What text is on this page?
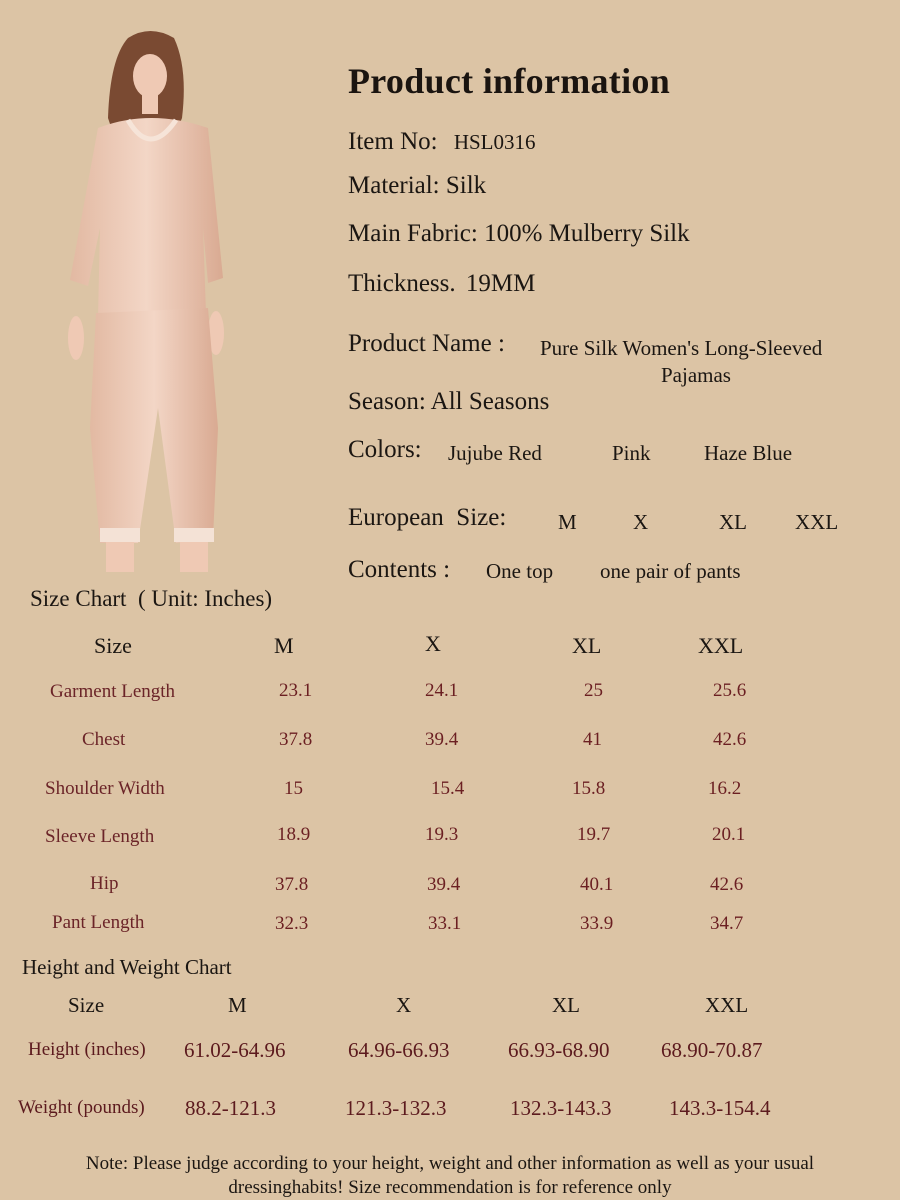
Product information
Item No: HSL0316
Material: Silk
Main Fabric: 100% Mulberry Silk
Thickness. 19MM
Product Name : Pure Silk Women's Long-Sleeved
Pajamas
Season: All Seasons
Colors: Jujube Red	Pink	Haze Blue
European  Size: M	X	XL XXL
Contents : One top one pair of pants
Size Chart  ( Unit: Inches)
Size	M	X	XL	XXL
Garment Length	23.1	24.1	25	25.6
Chest	37.8	39.4	41	42.6
Shoulder Width	15	15.4	15.8	16.2
Sleeve Length	18.9	19.3	19.7	20.1
Hip	37.8	39.4	40.1	42.6
Pant Length	32.3	33.1	33.9	34.7
Height and Weight Chart
Size	M	X	XL	XXL
Height (inches) 61.02-64.96	64.96-66.93	66.93-68.90 68.90-70.87
Weight (pounds) 88.2-121.3	121.3-132.3	132.3-143.3	143.3-154.4
Note: Please judge according to your height, weight and other information as well as your usual dressinghabits! Size recommendation is for reference only
